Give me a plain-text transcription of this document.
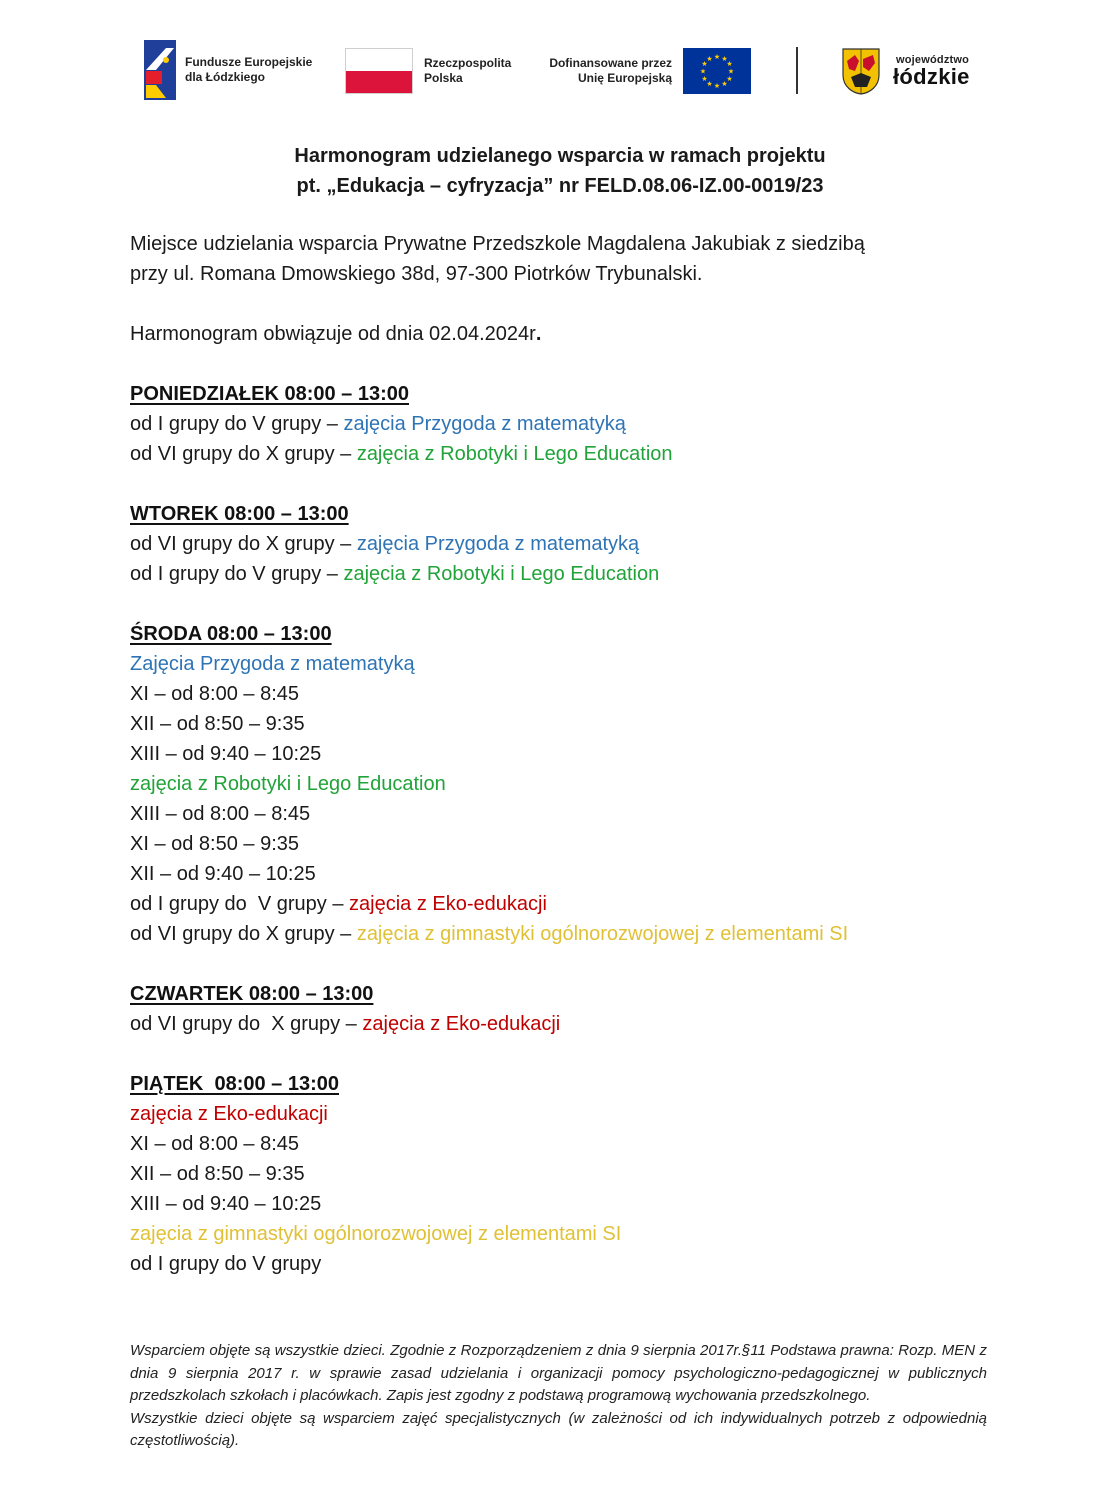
Fundusze Europejskie
dla Łódzkiego
Rzeczpospolita
Polska
Dofinansowane przez
Unię Europejską
★ ★
★
★
★
★
★
★
★
★
★
★	województwo
łódzkie
Harmonogram udzielanego wsparcia w ramach projektu
pt. „Edukacja – cyfryzacja” nr FELD.08.06-IZ.00-0019/23
Miejsce udzielania wsparcia Prywatne Przedszkole Magdalena Jakubiak z siedzibą
przy ul. Romana Dmowskiego 38d, 97-300 Piotrków Trybunalski.
Harmonogram obwiązuje od dnia 02.04.2024r.
PONIEDZIAŁEK 08:00 – 13:00
od I grupy do V grupy – zajęcia Przygoda z matematyką
od VI grupy do X grupy – zajęcia z Robotyki i Lego Education
WTOREK 08:00 – 13:00
od VI grupy do X grupy – zajęcia Przygoda z matematyką
od I grupy do V grupy – zajęcia z Robotyki i Lego Education
ŚRODA 08:00 – 13:00
Zajęcia Przygoda z matematyką
XI – od 8:00 – 8:45
XII – od 8:50 – 9:35
XIII – od 9:40 – 10:25
zajęcia z Robotyki i Lego Education
XIII – od 8:00 – 8:45
XI – od 8:50 – 9:35
XII – od 9:40 – 10:25
od I grupy do  V grupy – zajęcia z Eko-edukacji
od VI grupy do X grupy – zajęcia z gimnastyki ogólnorozwojowej z elementami SI
CZWARTEK 08:00 – 13:00
od VI grupy do  X grupy – zajęcia z Eko-edukacji
PIĄTEK  08:00 – 13:00
zajęcia z Eko-edukacji
XI – od 8:00 – 8:45
XII – od 8:50 – 9:35
XIII – od 9:40 – 10:25
zajęcia z gimnastyki ogólnorozwojowej z elementami SI
od I grupy do V grupy

Wsparciem objęte są wszystkie dzieci. Zgodnie z Rozporządzeniem z dnia 9 sierpnia 2017r.§11 Podstawa prawna: Rozp. MEN z dnia 9 sierpnia 2017 r. w sprawie zasad udzielania i organizacji pomocy psychologiczno-pedagogicznej w publicznych przedszkolach szkołach i placówkach. Zapis jest zgodny z podstawą programową wychowania przedszkolnego.

Wszystkie dzieci objęte są wsparciem zajęć specjalistycznych (w zależności od ich indywidualnych potrzeb z odpowiednią częstotliwością).
